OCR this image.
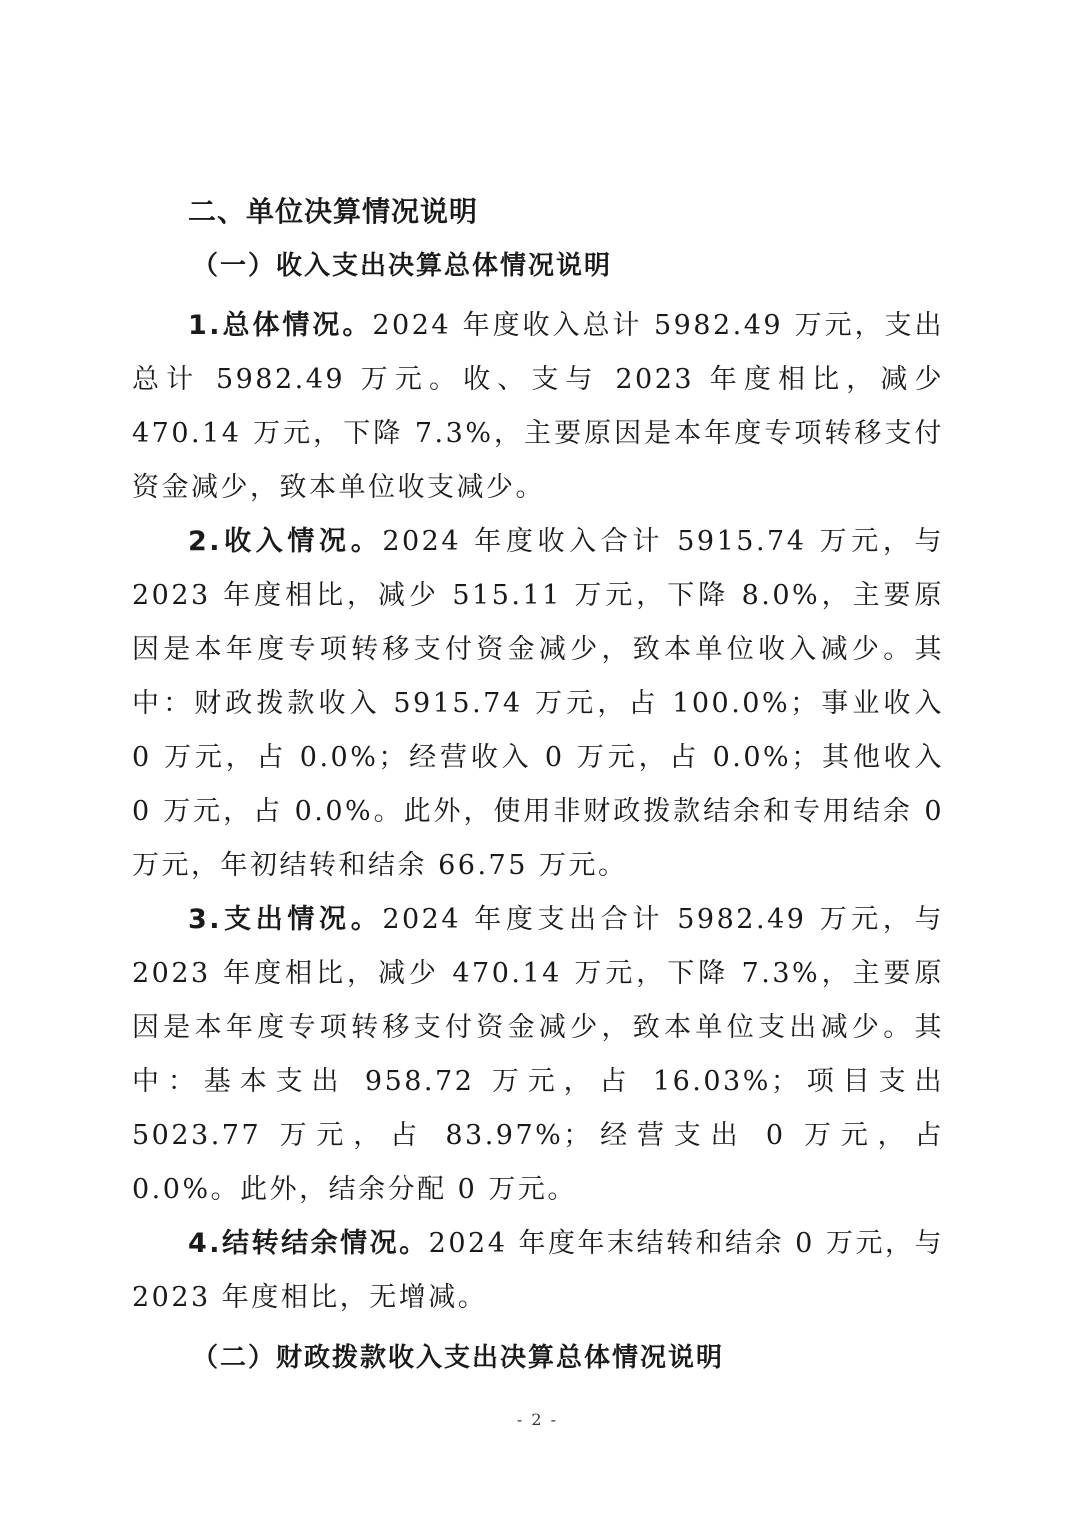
二、单位决算情况说明
（一）收入支出决算总体情况说明

1.总体情况。2024 年度收入总计 5982.49 万元，支出总计 5982.49 万元。收、支与 2023 年度相比，减少 470.14 万元，下降 7.3%，主要原因是本年度专项转移支付资金减少，致本单位收支减少。

2.收入情况。2024 年度收入合计 5915.74 万元，与 2023 年度相比，减少 515.11 万元，下降 8.0%，主要原因是本年度专项转移支付资金减少，致本单位收入减少。其中：财政拨款收入 5915.74 万元，占 100.0%；事业收入 0 万元，占 0.0%；经营收入 0 万元，占 0.0%；其他收入 0 万元，占 0.0%。此外，使用非财政拨款结余和专用结余 0 万元，年初结转和结余 66.75 万元。

3.支出情况。2024 年度支出合计 5982.49 万元，与 2023 年度相比，减少 470.14 万元，下降 7.3%，主要原因是本年度专项转移支付资金减少，致本单位支出减少。其中：基本支出 958.72 万元，占 16.03%；项目支出 5023.77 万元，占 83.97%；经营支出 0 万元，占 0.0%。此外，结余分配 0 万元。

4.结转结余情况。2024 年度年末结转和结余 0 万元，与 2023 年度相比，无增减。

（二）财政拨款收入支出决算总体情况说明
- 2 -
